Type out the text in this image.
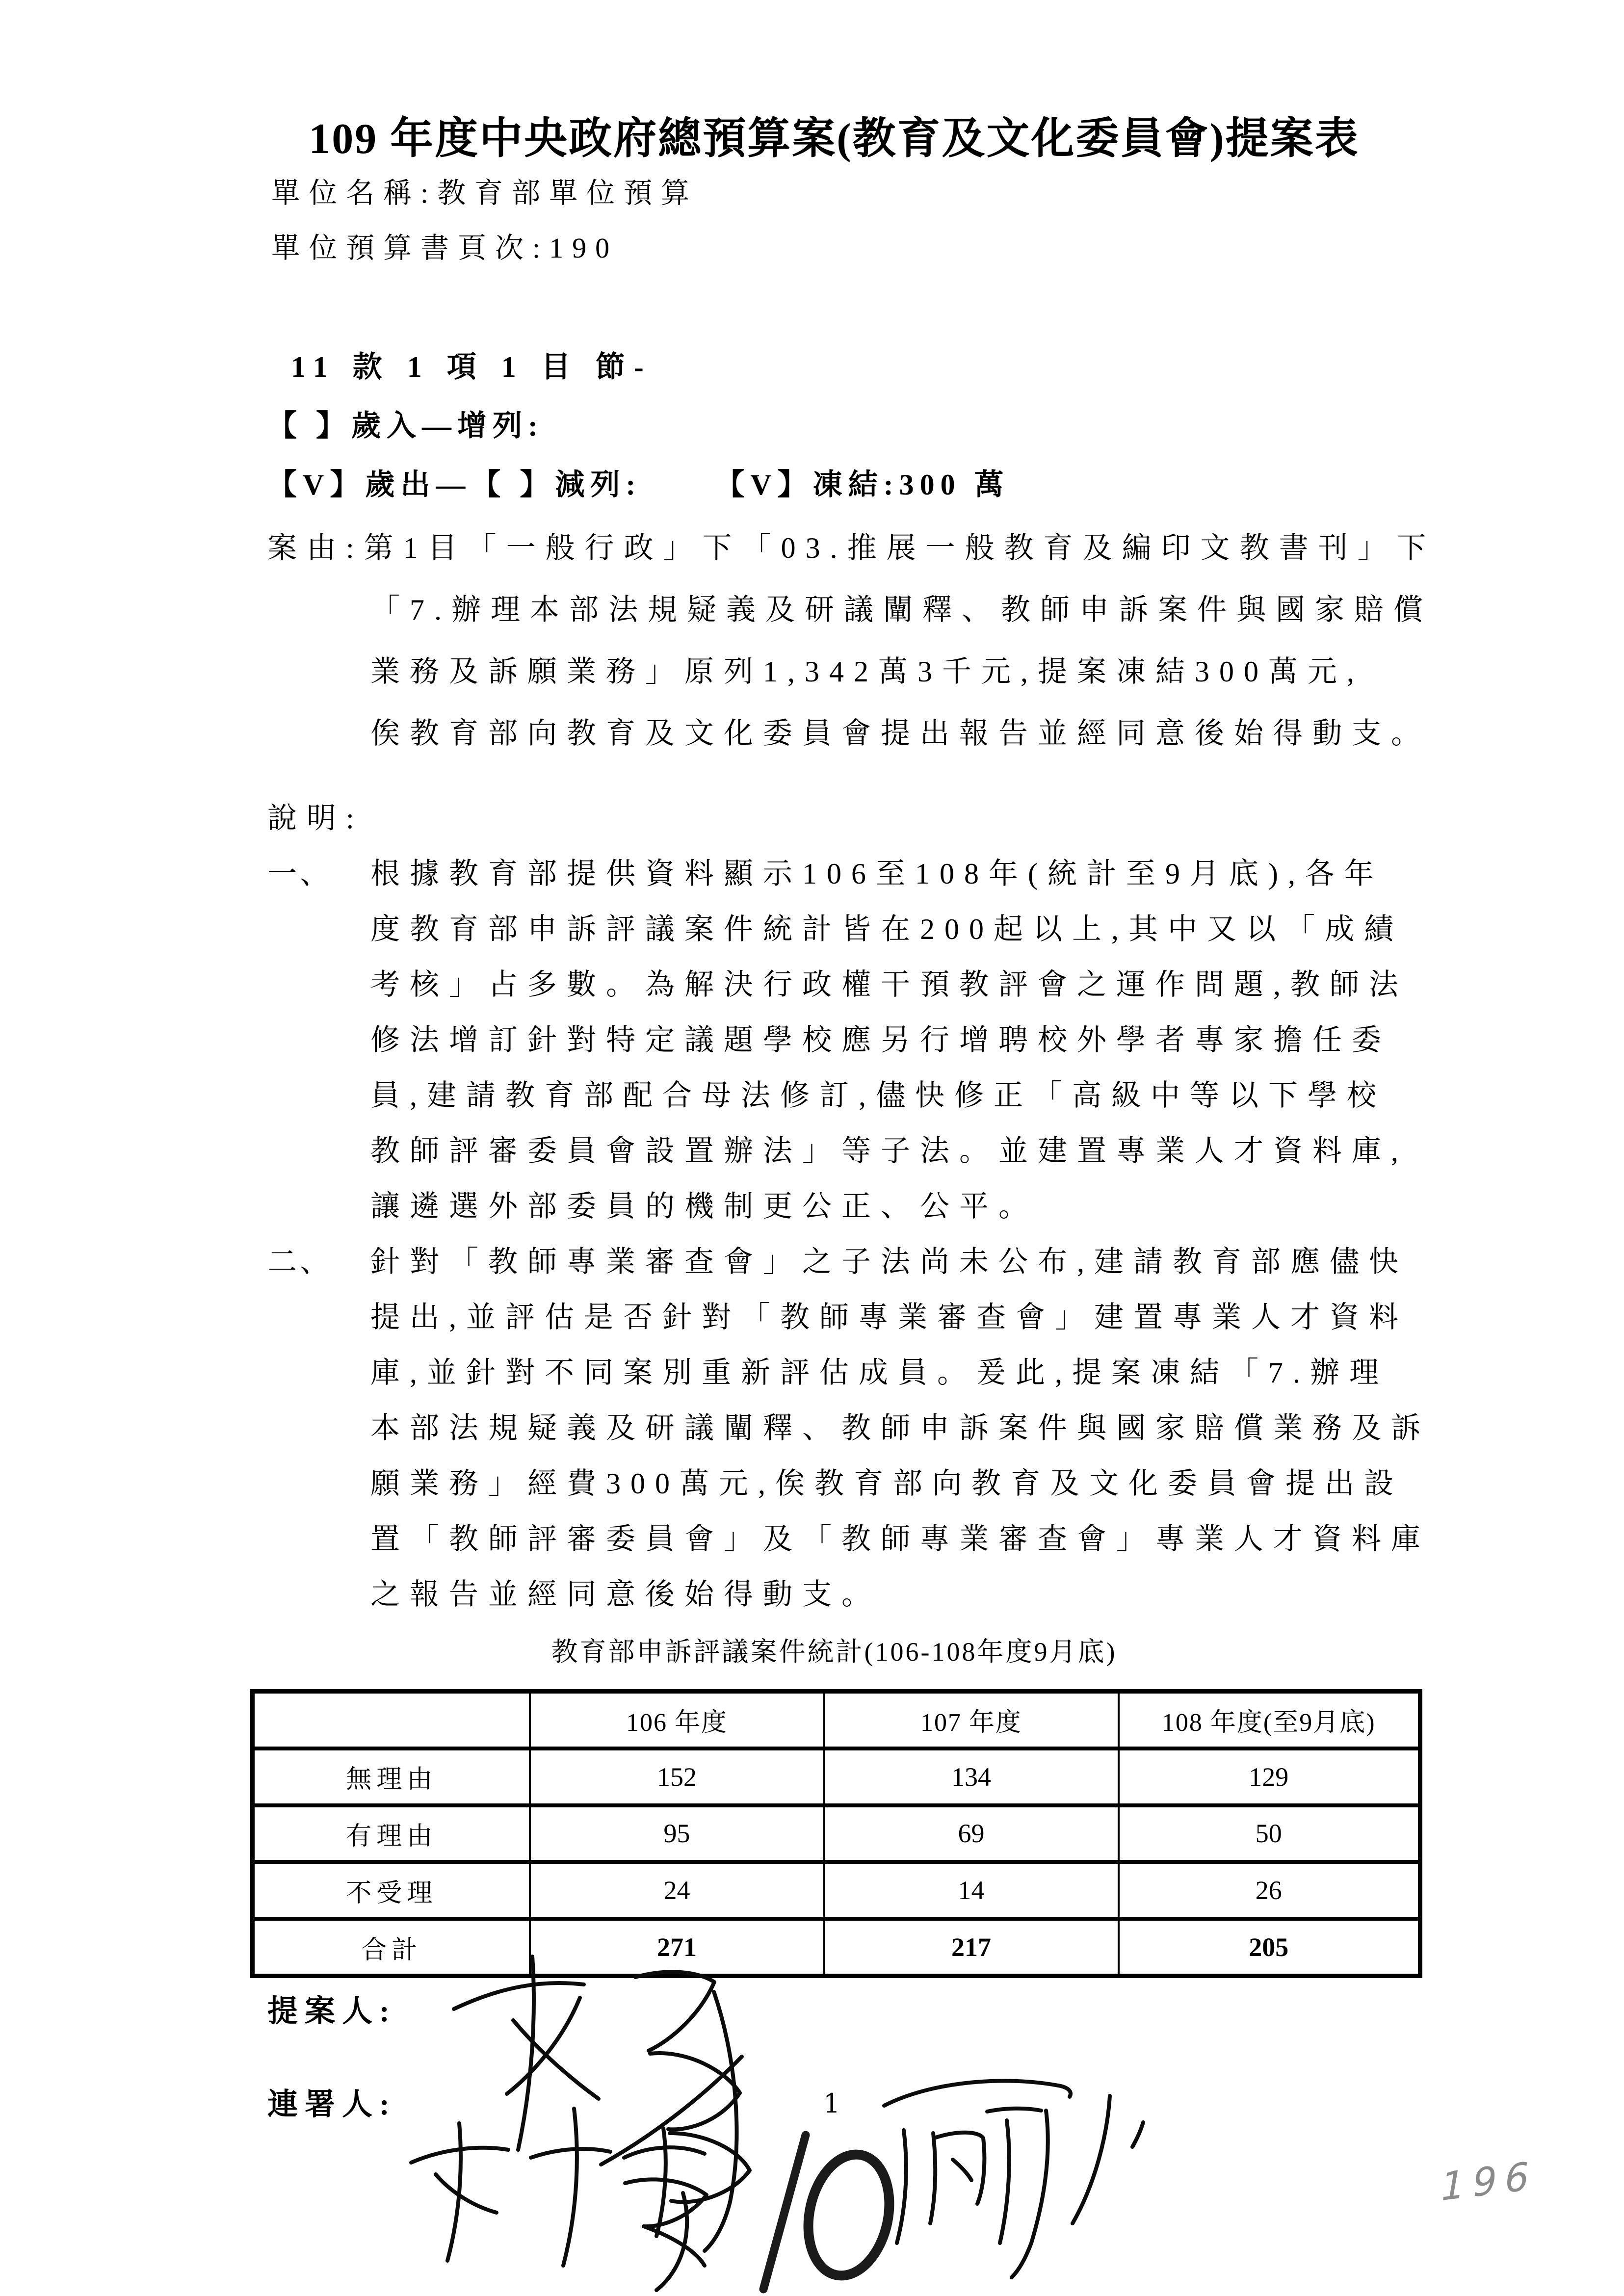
109 年度中央政府總預算案(教育及文化委員會)提案表
單位名稱:教育部單位預算
單位預算書頁次:190
11 款 1 項 1 目 節-
【 】歲入—增列:
【V】歲出—【 】減列:	【V】凍結:300 萬
案由:第1目「一般行政」下「03.推展一般教育及編印文教書刊」下
「7.辦理本部法規疑義及研議闡釋、教師申訴案件與國家賠償
業務及訴願業務」原列1,342萬3千元,提案凍結300萬元,
俟教育部向教育及文化委員會提出報告並經同意後始得動支。
說明:
一、 根據教育部提供資料顯示106至108年(統計至9月底),各年
度教育部申訴評議案件統計皆在200起以上,其中又以「成績
考核」占多數。為解決行政權干預教評會之運作問題,教師法
修法增訂針對特定議題學校應另行增聘校外學者專家擔任委
員,建請教育部配合母法修訂,儘快修正「高級中等以下學校
教師評審委員會設置辦法」等子法。並建置專業人才資料庫,
讓遴選外部委員的機制更公正、公平。
二、 針對「教師專業審查會」之子法尚未公布,建請教育部應儘快
提出,並評估是否針對「教師專業審查會」建置專業人才資料
庫,並針對不同案別重新評估成員。爰此,提案凍結「7.辦理
本部法規疑義及研議闡釋、教師申訴案件與國家賠償業務及訴
願業務」經費300萬元,俟教育部向教育及文化委員會提出設
置「教師評審委員會」及「教師專業審查會」專業人才資料庫
之報告並經同意後始得動支。
教育部申訴評議案件統計(106-108年度9月底)
	106 年度	107 年度	108 年度(至9月底)
無理由	152	134	129
有理由	95	69	50
不受理	24	14	26
合計	271	217	205
提案人:
連署人:	1
196
